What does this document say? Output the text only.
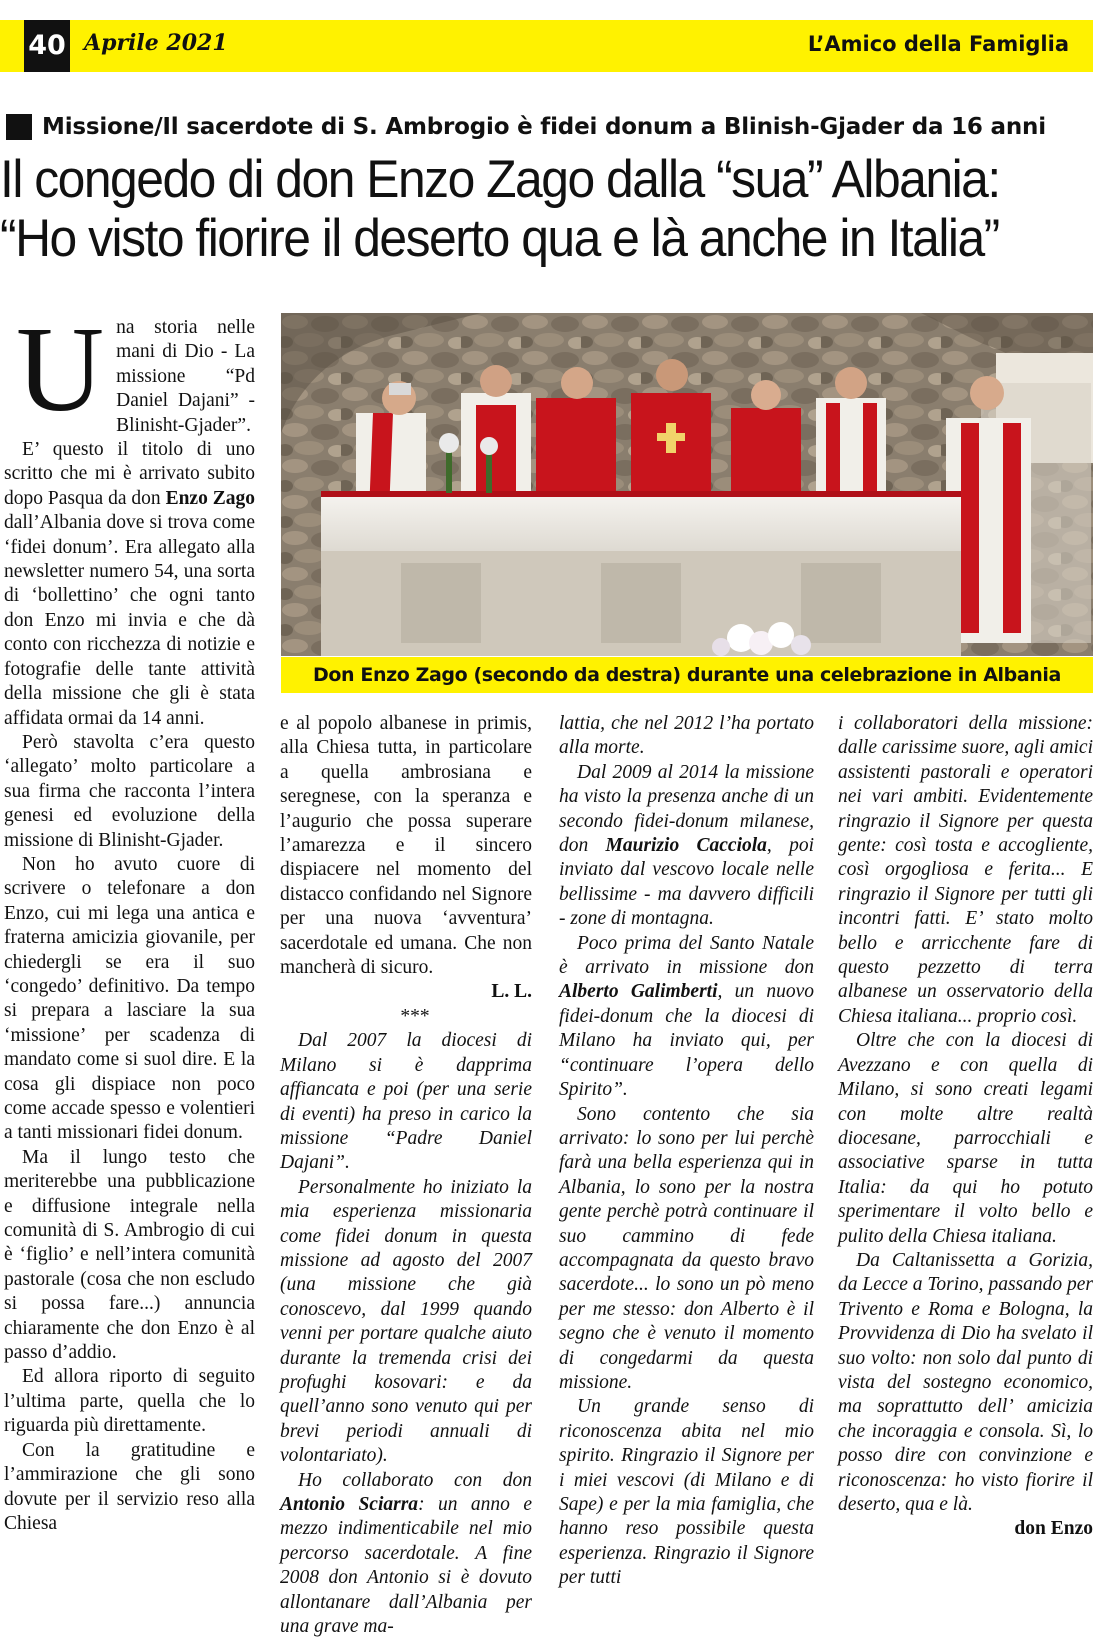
40 Aprile 2021	L’Amico della Famiglia
Missione/Il sacerdote di S. Ambrogio è fidei donum a Blinish-Gjader da 16 anni
Il congedo di don Enzo Zago dalla “sua” Albania:
“Ho visto fiorire il deserto qua e là anche in Italia”
Don Enzo Zago (secondo da destra) durante una celebrazione in Albania

Una storia nelle mani di Dio - La missione “Pd Daniel Dajani” - Blinisht-Gjader”.

E’ questo il titolo di uno scritto che mi è arrivato subito dopo Pasqua da don Enzo Zago dall’Albania dove si trova come ‘fidei donum’. Era allegato alla newsletter numero 54, una sorta di ‘bollettino’ che ogni tanto don Enzo mi invia e che dà conto con ricchezza di notizie e fotografie delle tante attività della missione che gli è stata affidata ormai da 14 anni.

Però stavolta c’era questo ‘allegato’ molto particolare a sua firma che racconta l’intera genesi ed evoluzione della missione di Blinisht-Gjader.

Non ho avuto cuore di scrivere o telefonare a don Enzo, cui mi lega una antica e fraterna amicizia giovanile, per chiedergli se era il suo ‘congedo’ definitivo. Da tempo si prepara a lasciare la sua ‘missione’ per scadenza di mandato come si suol dire. E la cosa gli dispiace non poco come accade spesso e volentieri a tanti missionari fidei donum.

Ma il lungo testo che meriterebbe una pubblicazione e diffusione integrale nella comunità di S. Ambrogio di cui è ‘figlio’ e nell’intera comunità pastorale (cosa che non escludo si possa fare...) annuncia chiaramente che don Enzo è al passo d’addio.

Ed allora riporto di seguito l’ultima parte, quella che lo riguarda più direttamente.

Con la gratitudine e l’ammirazione che gli sono dovute per il servizio reso alla Chiesa

e al popolo albanese in primis, alla Chiesa tutta, in particolare a quella ambrosiana e seregnese, con la speranza e l’augurio che possa superare l’amarezza e il sincero dispiacere nel momento del distacco confidando nel Signore per una nuova ‘avventura’ sacerdotale ed umana. Che non mancherà di sicuro.

L. L.

***

Dal 2007 la diocesi di Milano si è dapprima affiancata e poi (per una serie di eventi) ha preso in carico la missione “Padre Daniel Dajani”.

Personalmente ho iniziato la mia esperienza missionaria come fidei donum in questa missione ad agosto del 2007 (una missione che già conoscevo, dal 1999 quando venni per portare qualche aiuto durante la tremenda crisi dei profughi kosovari: e da quell’anno sono venuto qui per brevi periodi annuali di volontariato).

Ho collaborato con don Antonio Sciarra: un anno e mezzo indimenticabile nel mio percorso sacerdotale. A fine 2008 don Antonio si è dovuto allontanare dall’Albania per una grave ma-

lattia, che nel 2012 l’ha portato alla morte.

Dal 2009 al 2014 la missione ha visto la presenza anche di un secondo fidei-donum milanese, don Maurizio Cacciola, poi inviato dal vescovo locale nelle bellissime - ma davvero difficili - zone di montagna.

Poco prima del Santo Natale è arrivato in missione don Alberto Galimberti, un nuovo fidei-donum che la diocesi di Milano ha inviato qui, per “continuare l’opera dello Spirito”.

Sono contento che sia arrivato: lo sono per lui perchè farà una bella esperienza qui in Albania, lo sono per la nostra gente perchè potrà continuare il suo cammino di fede accompagnata da questo bravo sacerdote... lo sono un pò meno per me stesso: don Alberto è il segno che è venuto il momento di congedarmi da questa missione.

Un grande senso di riconoscenza abita nel mio spirito. Ringrazio il Signore per i miei vescovi (di Milano e di Sape) e per la mia famiglia, che hanno reso possibile questa esperienza. Ringrazio il Signore per tutti

i collaboratori della missione: dalle carissime suore, agli amici assistenti pastorali e operatori nei vari ambiti. Evidentemente ringrazio il Signore per questa gente: così tosta e accogliente, così orgogliosa e ferita... E ringrazio il Signore per tutti gli incontri fatti. E’ stato molto bello e arricchente fare di questo pezzetto di terra albanese un osservatorio della Chiesa italiana... proprio così.

Oltre che con la diocesi di Avezzano e con quella di Milano, si sono creati legami con molte altre realtà diocesane, parrocchiali e associative sparse in tutta Italia: da qui ho potuto sperimentare il volto bello e pulito della Chiesa italiana.

Da Caltanissetta a Gorizia, da Lecce a Torino, passando per Trivento e Roma e Bologna, la Provvidenza di Dio ha svelato il suo volto: non solo dal punto di vista del sostegno economico, ma soprattutto dell’ amicizia che incoraggia e consola. Sì, lo posso dire con convinzione e riconoscenza: ho visto fiorire il deserto, qua e là.

don Enzo
